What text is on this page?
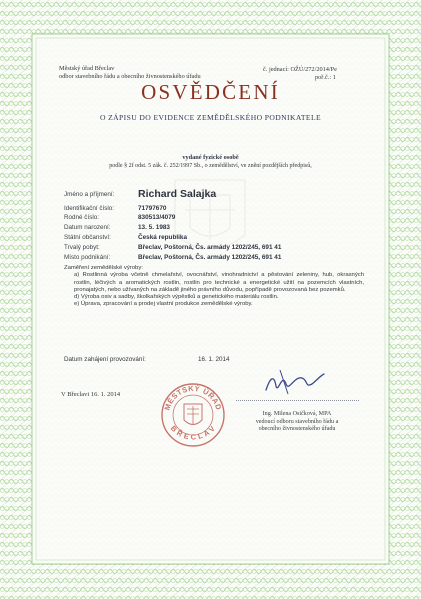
Městský úřad Břeclav
odbor stavebního řádu a obecního živnostenského úřadu
č. jednací: OŽÚ/272/2014/Pe
poř.č.: 1
OSVĚDČENÍ
O ZÁPISU DO EVIDENCE ZEMĚDĚLSKÉHO PODNIKATELE
vydané fyzické osobě
podle § 2f odst. 5 zák. č. 252/1997 Sb., o zemědělství, ve znění pozdějších předpisů,
Jméno a příjmení: Richard Salajka
Identifikační číslo:	71797670
Rodné číslo:	830513/4079
Datum narození:	13. 5. 1983
Státní občanství:	Česká republika
Trvalý pobyt:	Břeclav, Poštorná, Čs. armády 1202/245, 691 41
Místo podnikání:	Břeclav, Poštorná, Čs. armády 1202/245, 691 41
Zaměření zemědělské výroby:
a) Rostlinná výroba včetně chmelařství, ovocnářství, vinohradnictví a pěstování zeleniny, hub, okrasných rostlin, léčivých a aromatických rostlin, rostlin pro technické a energetické užití na pozemcích vlastních, pronajatých, nebo užívaných na základě jiného právního důvodu, popřípadě provozovaná bez pozemků.
d) Výroba osiv a sadby, školkařských výpěstků a genetického materiálu rostlin.
e) Úprava, zpracování a prodej vlastní produkce zemědělské výroby.
Datum zahájení provozování:	16. 1. 2014
V Břeclavi 16. 1. 2014
MĚSTSKÝ ÚŘAD
BŘECLAV
Ing. Milena Osičková, MPA
vedoucí odboru stavebního řádu a
obecního živnostenského úřadu
